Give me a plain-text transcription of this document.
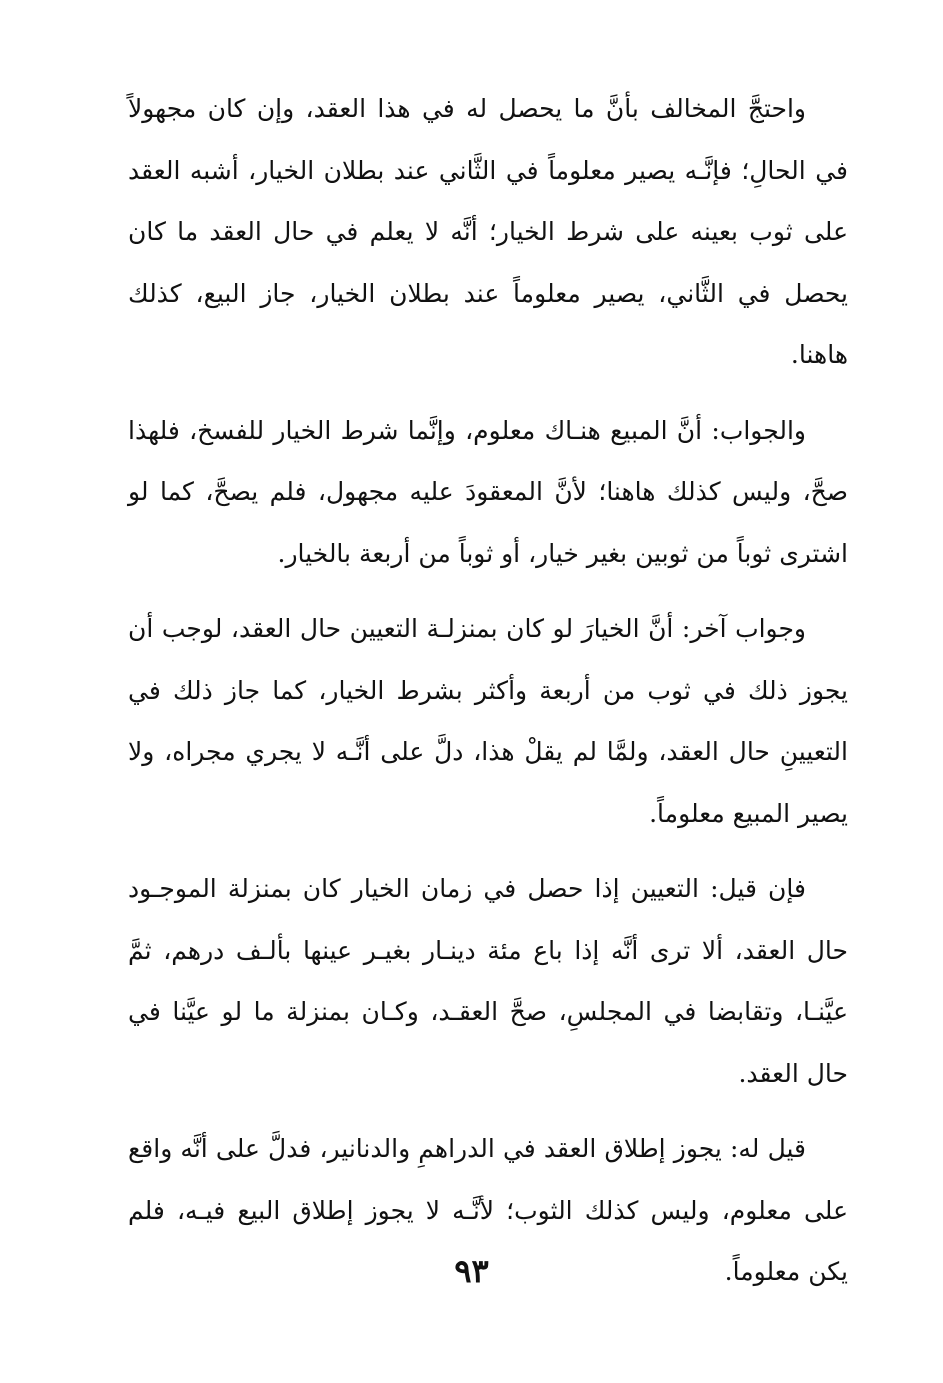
واحتجَّ المخالف بأنَّ ما يحصل له في هذا العقد، وإن كان مجهولاً في الحالِ؛ فإنَّـه يصير معلوماً في الثَّاني عند بطلان الخيار، أشبه العقد على ثوب بعينه على شرط الخيار؛ أنَّه لا يعلم في حال العقد ما كان يحصل في الثَّاني، يصير معلوماً عند بطلان الخيار، جاز البيع، كذلك هاهنا.

والجواب: أنَّ المبيع هنـاك معلوم، وإنَّما شرط الخيار للفسخ، فلهذا صحَّ، وليس كذلك هاهنا؛ لأنَّ المعقودَ عليه مجهول، فلم يصحَّ، كما لو اشترى ثوباً من ثوبين بغير خيار، أو ثوباً من أربعة بالخيار.

وجواب آخر: أنَّ الخيارَ لو كان بمنزلـة التعيين حال العقد، لوجب أن يجوز ذلك في ثوب من أربعة وأكثر بشرط الخيار، كما جاز ذلك في التعيينِ حال العقد، ولمَّا لم يقلْ هذا، دلَّ على أنَّـه لا يجري مجراه، ولا يصير المبيع معلوماً.

فإن قيل: التعيين إذا حصل في زمان الخيار كان بمنزلة الموجـود حال العقد، ألا ترى أنَّه إذا باع مئة دينـار بغيـر عينها بألـف درهم، ثمَّ عيَّنـا، وتقابضا في المجلسِ، صحَّ العقـد، وكـان بمنزلة ما لو عيَّنا في حال العقد.

قيل له: يجوز إطلاق العقد في الدراهمِ والدنانير، فدلَّ على أنَّه واقع على معلوم، وليس كذلك الثوب؛ لأنَّـه لا يجوز إطلاق البيع فيـه، فلم يكن معلوماً.

٩٣
